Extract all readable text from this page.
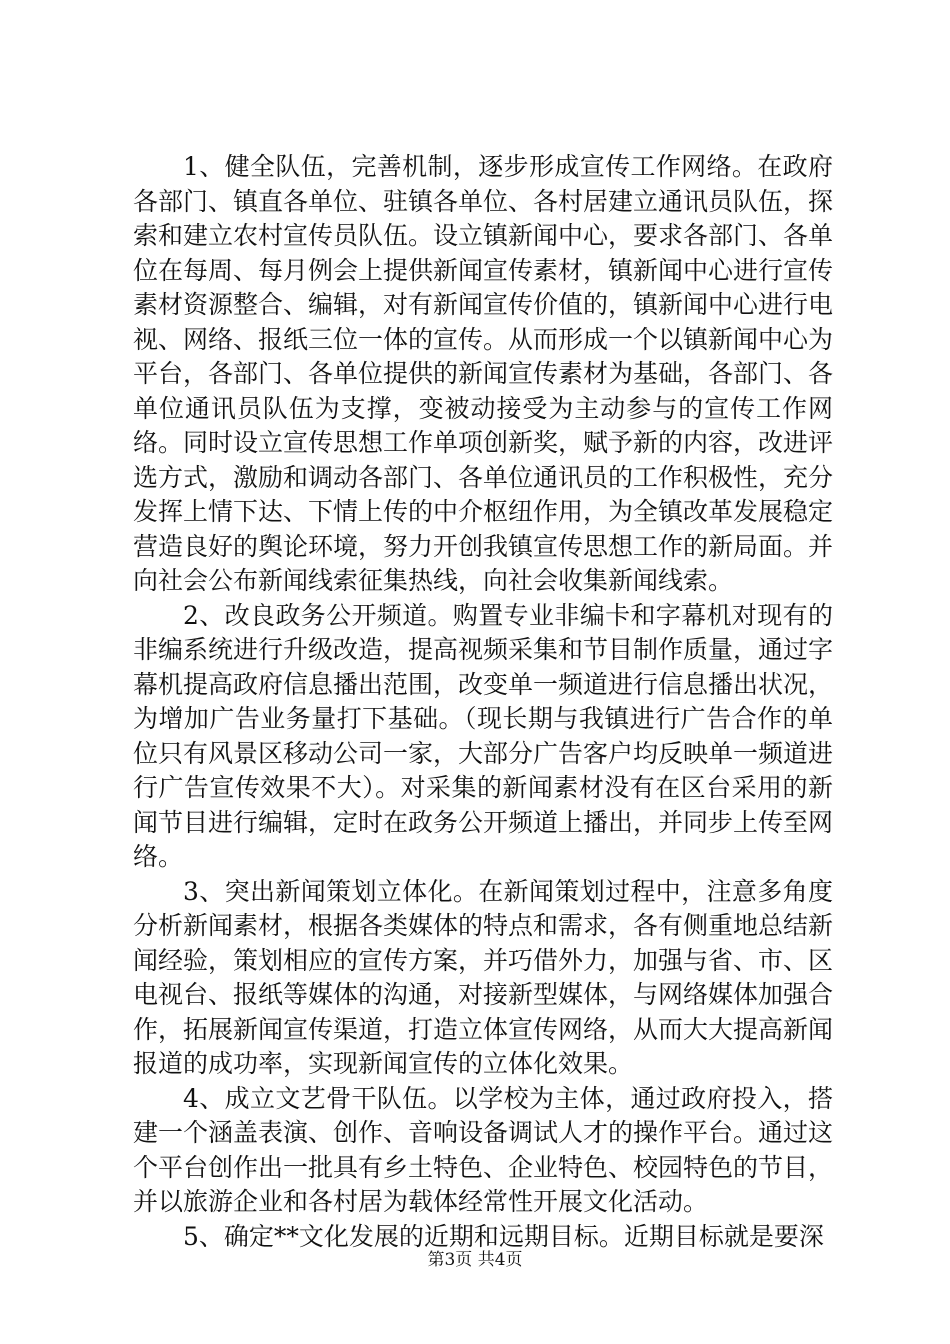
1、健全队伍，完善机制，逐步形成宣传工作网络。在政府各部门、镇直各单位、驻镇各单位、各村居建立通讯员队伍，探索和建立农村宣传员队伍。设立镇新闻中心，要求各部门、各单位在每周、每月例会上提供新闻宣传素材，镇新闻中心进行宣传素材资源整合、编辑，对有新闻宣传价值的，镇新闻中心进行电视、网络、报纸三位一体的宣传。从而形成一个以镇新闻中心为平台，各部门、各单位提供的新闻宣传素材为基础，各部门、各单位通讯员队伍为支撑，变被动接受为主动参与的宣传工作网络。同时设立宣传思想工作单项创新奖，赋予新的内容，改进评选方式，激励和调动各部门、各单位通讯员的工作积极性，充分发挥上情下达、下情上传的中介枢纽作用，为全镇改革发展稳定营造良好的舆论环境，努力开创我镇宣传思想工作的新局面。并向社会公布新闻线索征集热线，向社会收集新闻线索。

2、改良政务公开频道。购置专业非编卡和字幕机对现有的非编系统进行升级改造，提高视频采集和节目制作质量，通过字幕机提高政府信息播出范围，改变单一频道进行信息播出状况，为增加广告业务量打下基础。（现长期与我镇进行广告合作的单位只有风景区移动公司一家，大部分广告客户均反映单一频道进行广告宣传效果不大）。对采集的新闻素材没有在区台采用的新闻节目进行编辑，定时在政务公开频道上播出，并同步上传至网络。

3、突出新闻策划立体化。在新闻策划过程中，注意多角度分析新闻素材，根据各类媒体的特点和需求，各有侧重地总结新闻经验，策划相应的宣传方案，并巧借外力，加强与省、市、区电视台、报纸等媒体的沟通，对接新型媒体，与网络媒体加强合作，拓展新闻宣传渠道，打造立体宣传网络，从而大大提高新闻报道的成功率，实现新闻宣传的立体化效果。

4、成立文艺骨干队伍。以学校为主体，通过政府投入，搭建一个涵盖表演、创作、音响设备调试人才的操作平台。通过这个平台创作出一批具有乡土特色、企业特色、校园特色的节目，并以旅游企业和各村居为载体经常性开展文化活动。

5、确定**文化发展的近期和远期目标。近期目标就是要深

第3页 共4页
